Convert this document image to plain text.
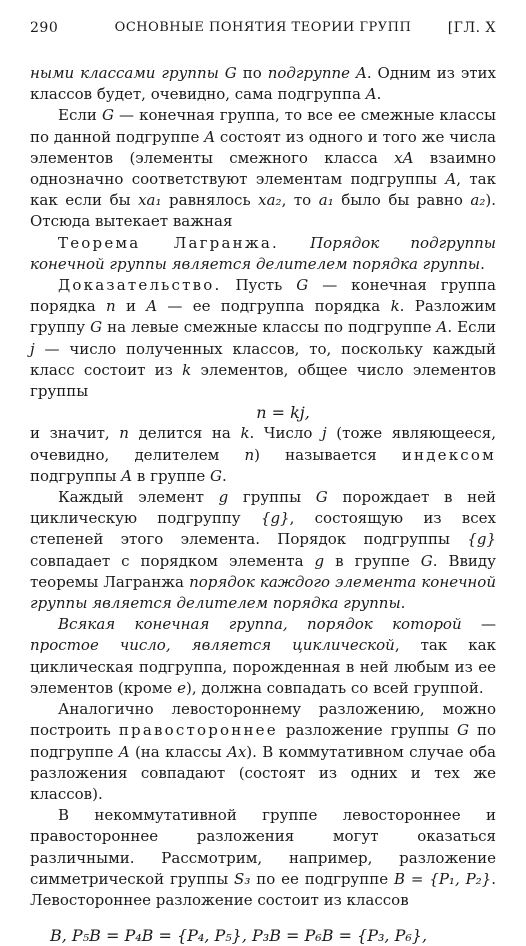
290	ОСНОВНЫЕ ПОНЯТИЯ ТЕОРИИ ГРУПП	[ГЛ. X

ными классами группы G по подгруппе A. Одним из этих классов будет, очевидно, сама подгруппа A.

Если G — конечная группа, то все ее смежные классы по данной подгруппе A состоят из одного и того же числа элементов (элементы смежного класса xA взаимно однозначно соответствуют элементам подгруппы A, так как если бы xa₁ равнялось xa₂, то a₁ было бы равно a₂). Отсюда вытекает важная

Теорема Лагранжа. Порядок подгруппы конечной группы является делителем порядка группы.

Доказательство. Пусть G — конечная группа порядка n и A — ее подгруппа порядка k. Разложим группу G на левые смежные классы по подгруппе A. Если j — число полученных классов, то, поскольку каждый класс состоит из k элементов, общее число элементов группы

n = kj,

и значит, n делится на k. Число j (тоже являющееся, очевидно, делителем n) называется индексом подгруппы A в группе G.

Каждый элемент g группы G порождает в ней циклическую подгруппу {g}, состоящую из всех степеней этого элемента. Порядок подгруппы {g} совпадает с порядком элемента g в группе G. Ввиду теоремы Лагранжа порядок каждого элемента конечной группы является делителем порядка группы.

Всякая конечная группа, порядок которой — простое число, является циклической, так как циклическая подгруппа, порожденная в ней любым из ее элементов (кроме e), должна совпадать со всей группой.

Аналогично левостороннему разложению, можно построить правостороннее разложение группы G по подгруппе A (на классы Ax). В коммутативном случае оба разложения совпадают (состоят из одних и тех же классов).

В некоммутативной группе левостороннее и правостороннее разложения могут оказаться различными. Рассмотрим, например, разложение симметрической группы S₃ по ее подгруппе B = {P₁, P₂}. Левостороннее разложение состоит из классов

B, P₅B = P₄B = {P₄, P₅}, P₃B = P₆B = {P₃, P₆},
